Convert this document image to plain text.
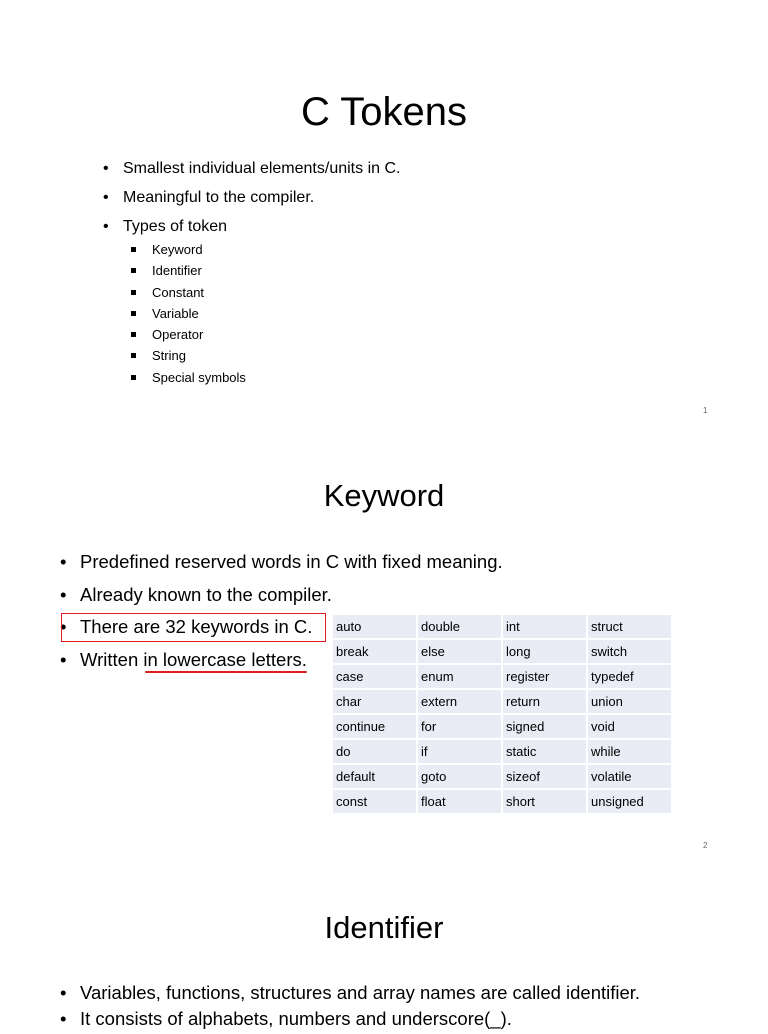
C Tokens
• Smallest individual elements/units in C.
• Meaningful to the compiler.
• Types of token
Keyword
Identifier
Constant
Variable
Operator
String
Special symbols
1
Keyword
• Predefined reserved words in C with fixed meaning.
• Already known to the compiler.
• There are 32 keywords in C.
• Written in lowercase letters.
auto	double	int	struct
break	else	long	switch
case	enum	register	typedef
char	extern	return	union
continue	for	signed	void
do	if	static	while
default	goto	sizeof	volatile
const	float	short	unsigned
2
Identifier
• Variables, functions, structures and array names are called identifier.
• It consists of alphabets, numbers and underscore(_).
